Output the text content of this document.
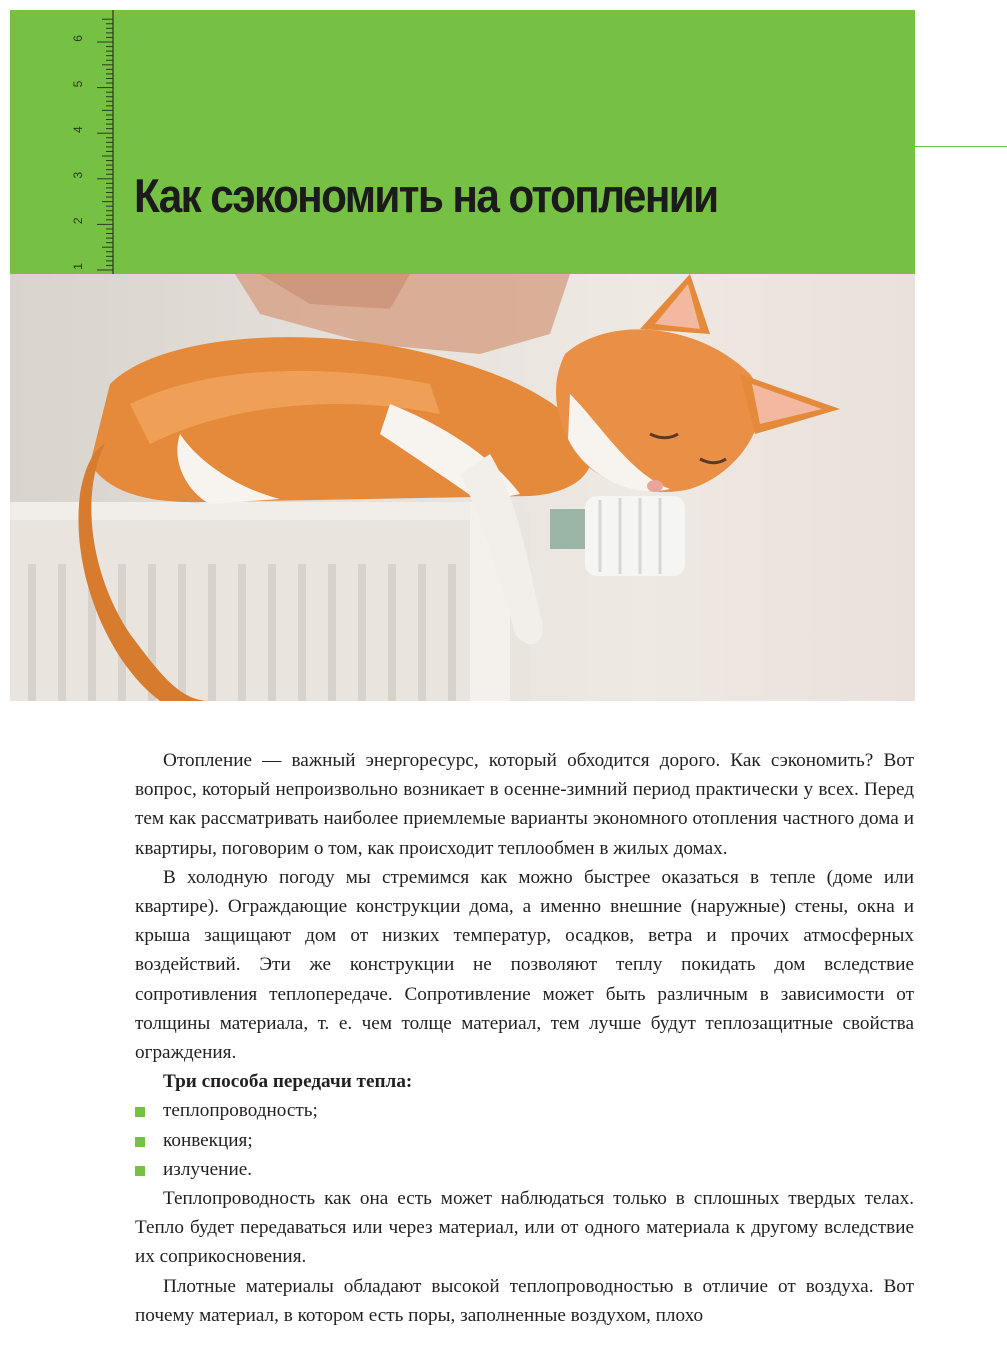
1
2
3
4
5
6
Как сэкономить на отоплении

Отопление — важный энергоресурс, который обходится дорого. Как сэкономить? Вот вопрос, который непроизвольно возникает в осенне-зимний период практически у всех. Перед тем как рассматривать наиболее приемлемые варианты экономного отопления частного дома и квартиры, поговорим о том, как происходит теплообмен в жилых домах.

В холодную погоду мы стремимся как можно быстрее оказаться в тепле (доме или квартире). Ограждающие конструкции дома, а именно внешние (наружные) стены, окна и крыша защищают дом от низких температур, осадков, ветра и прочих атмосферных воздействий. Эти же конструкции не позволяют теплу покидать дом вследствие сопротивления теплопередаче. Сопротивление может быть различным в зависимости от толщины материала, т. е. чем толще материал, тем лучше будут теплозащитные свойства ограждения.

Три способа передачи тепла:

теплопроводность;
конвекция;
излучение.

Теплопроводность как она есть может наблюдаться только в сплошных твердых телах. Тепло будет передаваться или через материал, или от одного материала к другому вследствие их соприкосновения.

Плотные материалы обладают высокой теплопроводностью в отличие от воздуха. Вот почему материал, в котором есть поры, заполненные воздухом, плохо
